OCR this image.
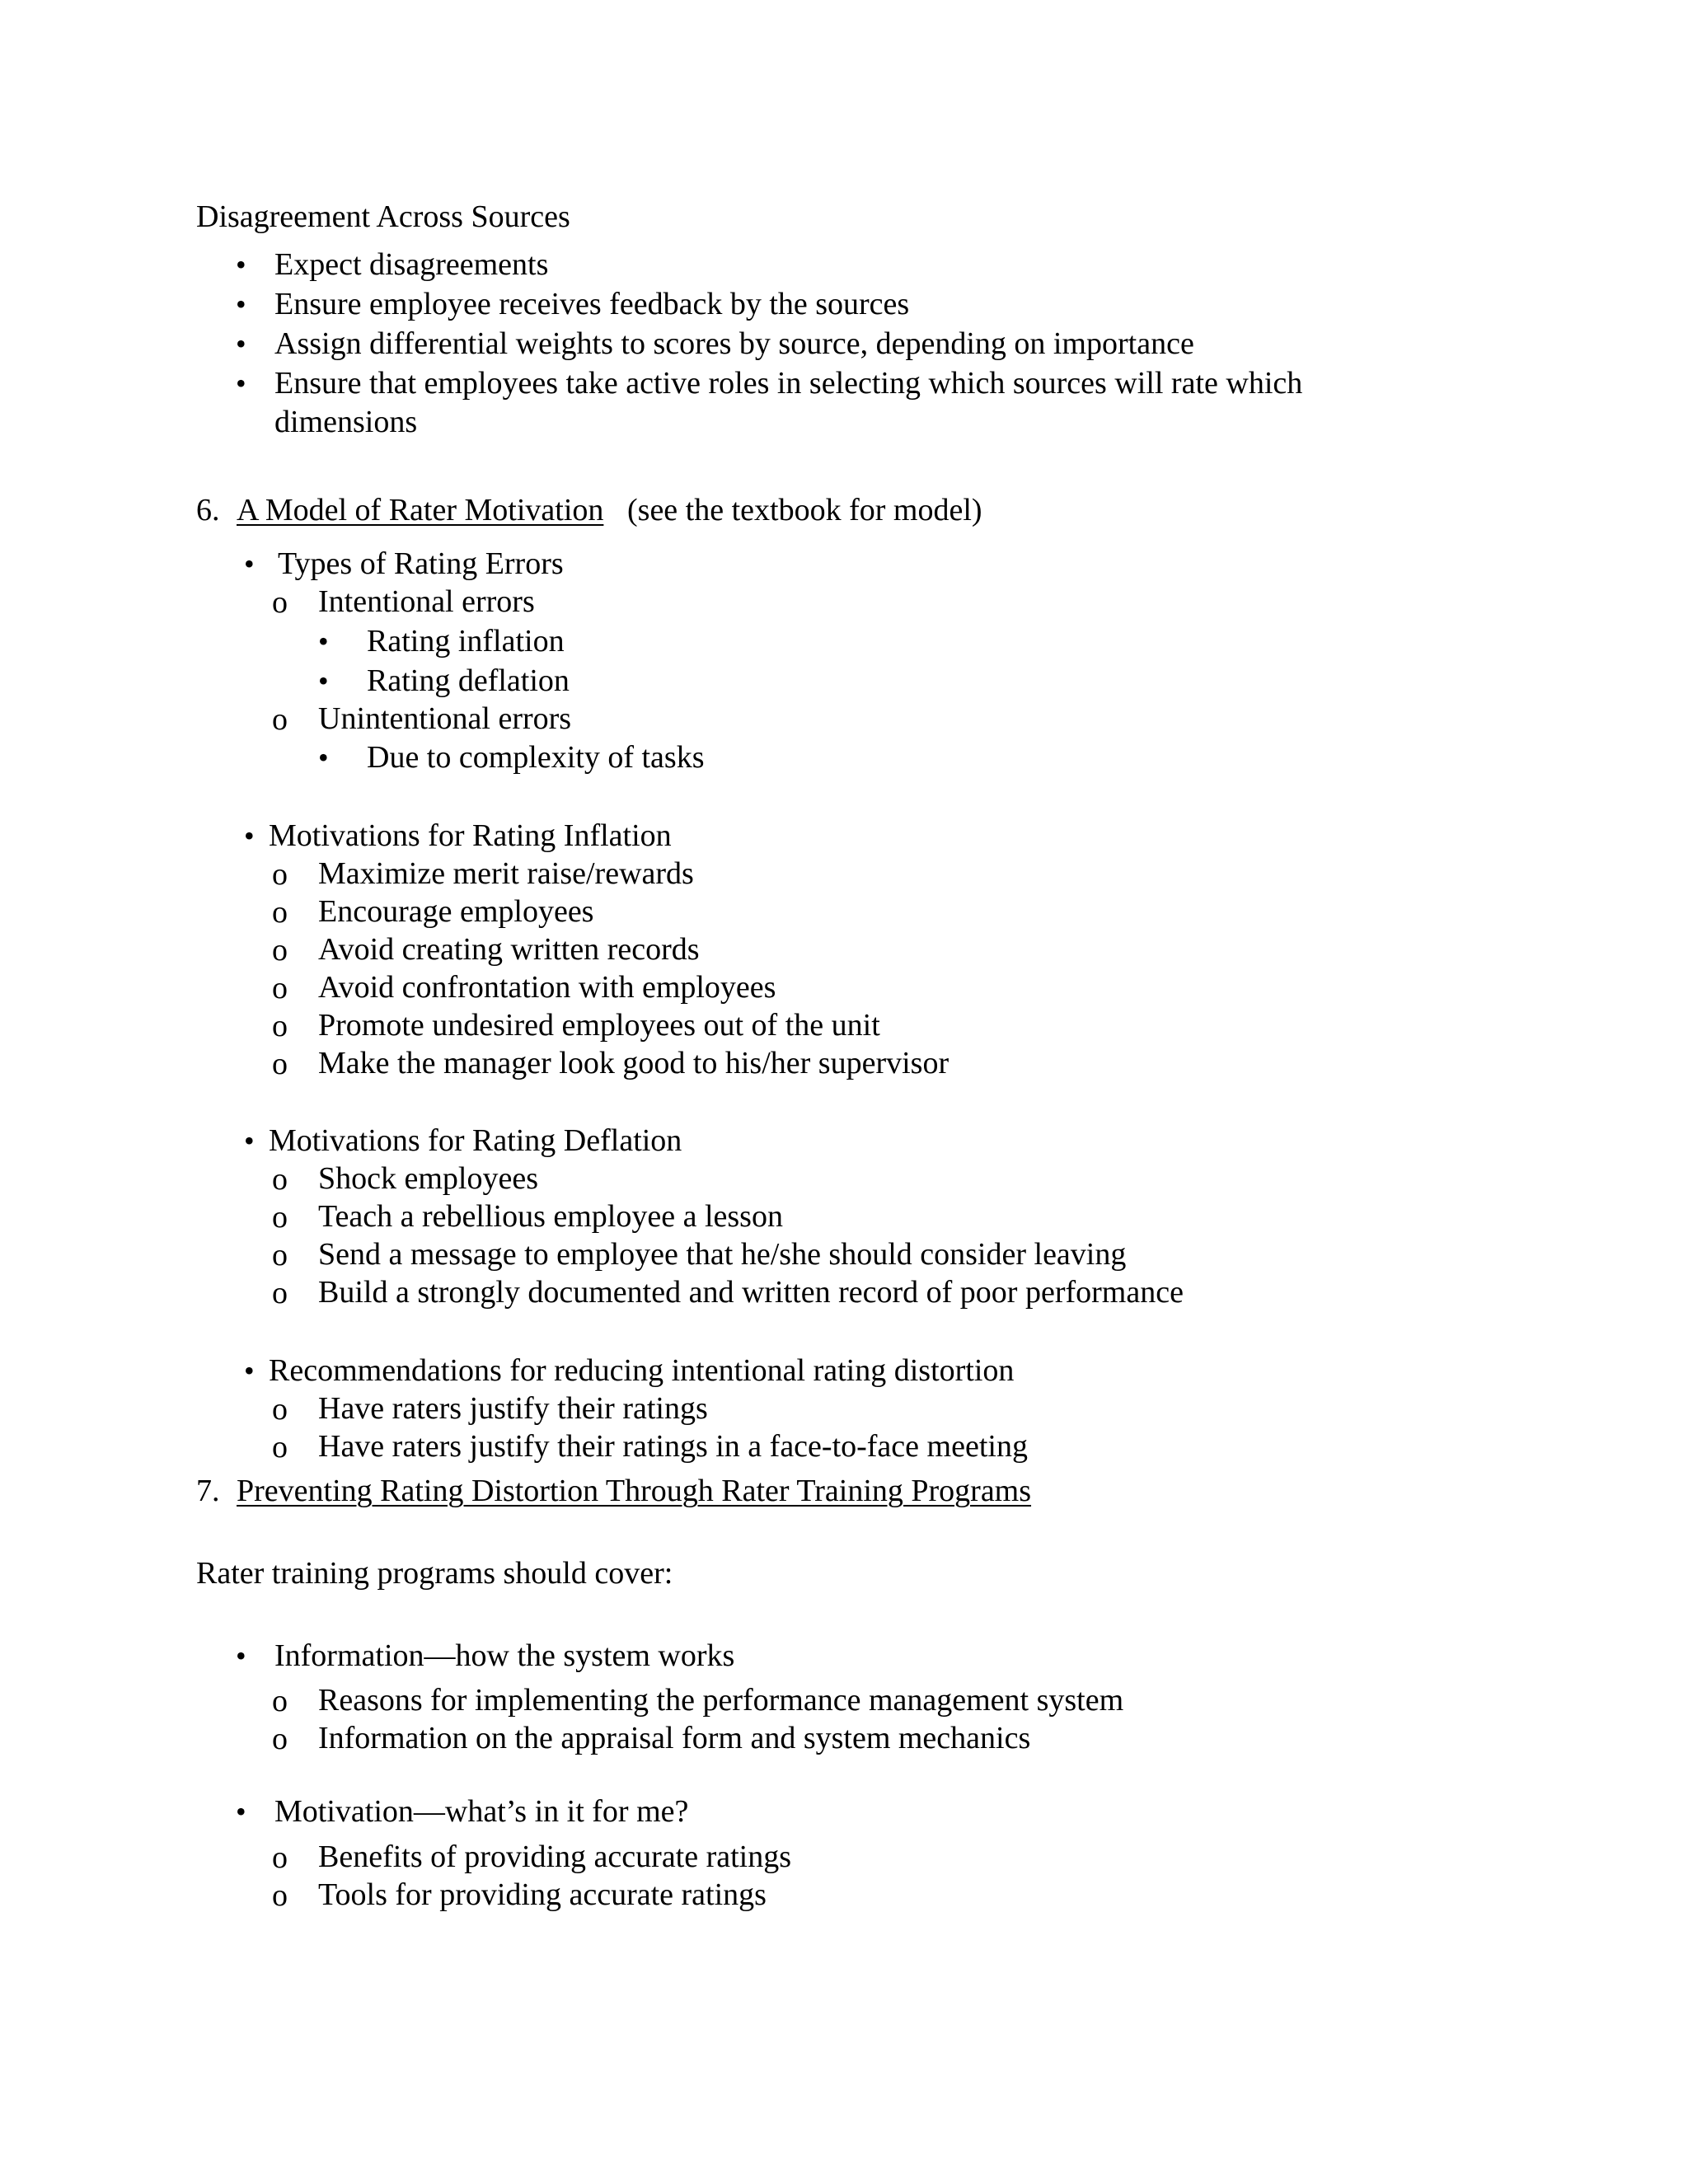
Disagreement Across Sources
• Expect disagreements
• Ensure employee receives feedback by the sources
• Assign differential weights to scores by source, depending on importance
• Ensure that employees take active roles in selecting which sources will rate which
dimensions
6. A Model of Rater Motivation (see the textbook for model)
• Types of Rating Errors
o Intentional errors
• Rating inflation
• Rating deflation
o Unintentional errors
• Due to complexity of tasks
• Motivations for Rating Inflation
o Maximize merit raise/rewards
o Encourage employees
o Avoid creating written records
o Avoid confrontation with employees
o Promote undesired employees out of the unit
o Make the manager look good to his/her supervisor
• Motivations for Rating Deflation
o Shock employees
o Teach a rebellious employee a lesson
o Send a message to employee that he/she should consider leaving
o Build a strongly documented and written record of poor performance
• Recommendations for reducing intentional rating distortion
o Have raters justify their ratings
o Have raters justify their ratings in a face-to-face meeting
7. Preventing Rating Distortion Through Rater Training Programs
Rater training programs should cover:
• Information—how the system works
o Reasons for implementing the performance management system
o Information on the appraisal form and system mechanics
• Motivation—what’s in it for me?
o Benefits of providing accurate ratings
o Tools for providing accurate ratings
